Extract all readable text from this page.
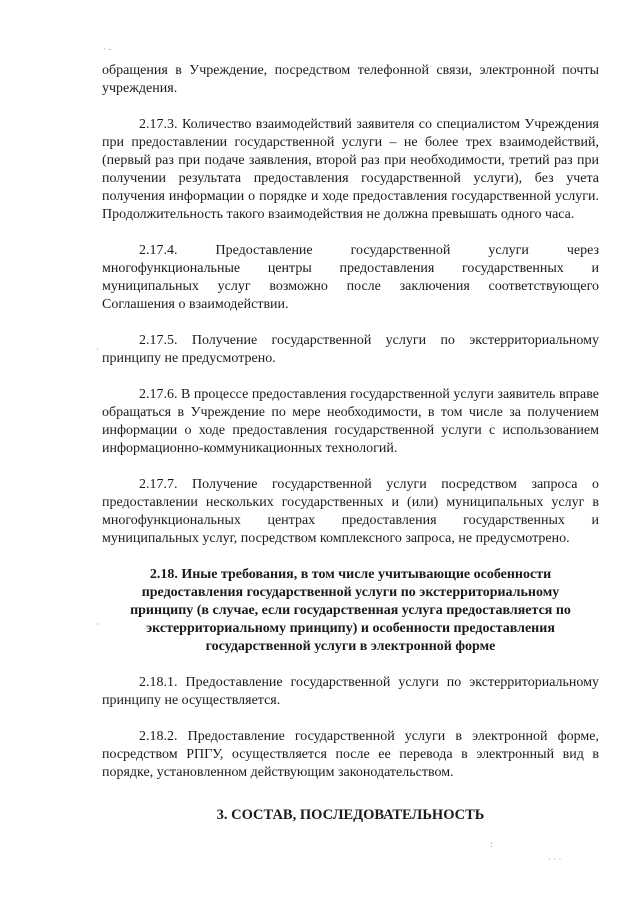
˙ ˉ
·
·
:
˙ ˙ ˙

обращения в Учреждение, посредством телефонной связи, электронной почты учреждения.

2.17.3. Количество взаимодействий заявителя со специалистом Учреждения при предоставлении государственной услуги – не более трех взаимодействий, (первый раз при подаче заявления, второй раз при необходимости, третий раз при получении результата предоставления государственной услуги), без учета получения информации о порядке и ходе предоставления государственной услуги. Продолжительность такого взаимодействия не должна превышать одного часа.

2.17.4. Предоставление государственной услуги через многофункциональные центры предоставления государственных и муниципальных услуг возможно после заключения соответствующего Соглашения о взаимодействии.

2.17.5. Получение государственной услуги по экстерриториальному принципу не предусмотрено.

2.17.6. В процессе предоставления государственной услуги заявитель вправе обращаться в Учреждение по мере необходимости, в том числе за получением информации о ходе предоставления государственной услуги с использованием информационно-коммуникационных технологий.

2.17.7. Получение государственной услуги посредством запроса о предоставлении нескольких государственных и (или) муниципальных услуг в многофункциональных центрах предоставления государственных и муниципальных услуг, посредством комплексного запроса, не предусмотрено.

2.18. Иные требования, в том числе учитывающие особенности предоставления государственной услуги по экстерриториальному принципу (в случае, если государственная услуга предоставляется по экстерриториальному принципу) и особенности предоставления государственной услуги в электронной форме

2.18.1. Предоставление государственной услуги по экстерриториальному принципу не осуществляется.

2.18.2. Предоставление государственной услуги в электронной форме, посредством РПГУ, осуществляется после ее перевода в электронный вид в порядке, установленном действующим законодательством.

3. СОСТАВ, ПОСЛЕДОВАТЕЛЬНОСТЬ
